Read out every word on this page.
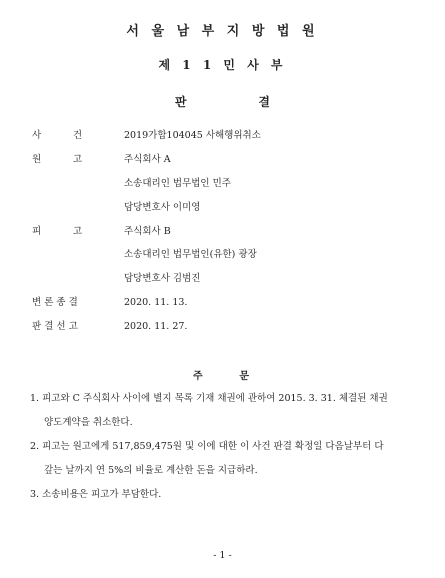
서 울 남 부 지 방 법 원
제 1 1 민 사 부
판	결
사	건	2019가합104045 사해행위취소
원	고	주식회사 A
소송대리인 법무법인 민주
담당변호사 이미영
피	고	주식회사 B
소송대리인 법무법인(유한) 광장
담당변호사 김범진
변 론 종 결	2020. 11. 13.
판 결 선 고	2020. 11. 27.
주	문
1. 피고와 C 주식회사 사이에 별지 목록 기재 채권에 관하여 2015. 3. 31. 체결된 채권
양도계약을 취소한다.
2. 피고는 원고에게 517,859,475원 및 이에 대한 이 사건 판결 확정일 다음날부터 다
갚는 날까지 연 5%의 비율로 계산한 돈을 지급하라.
3. 소송비용은 피고가 부담한다.
- 1 -
